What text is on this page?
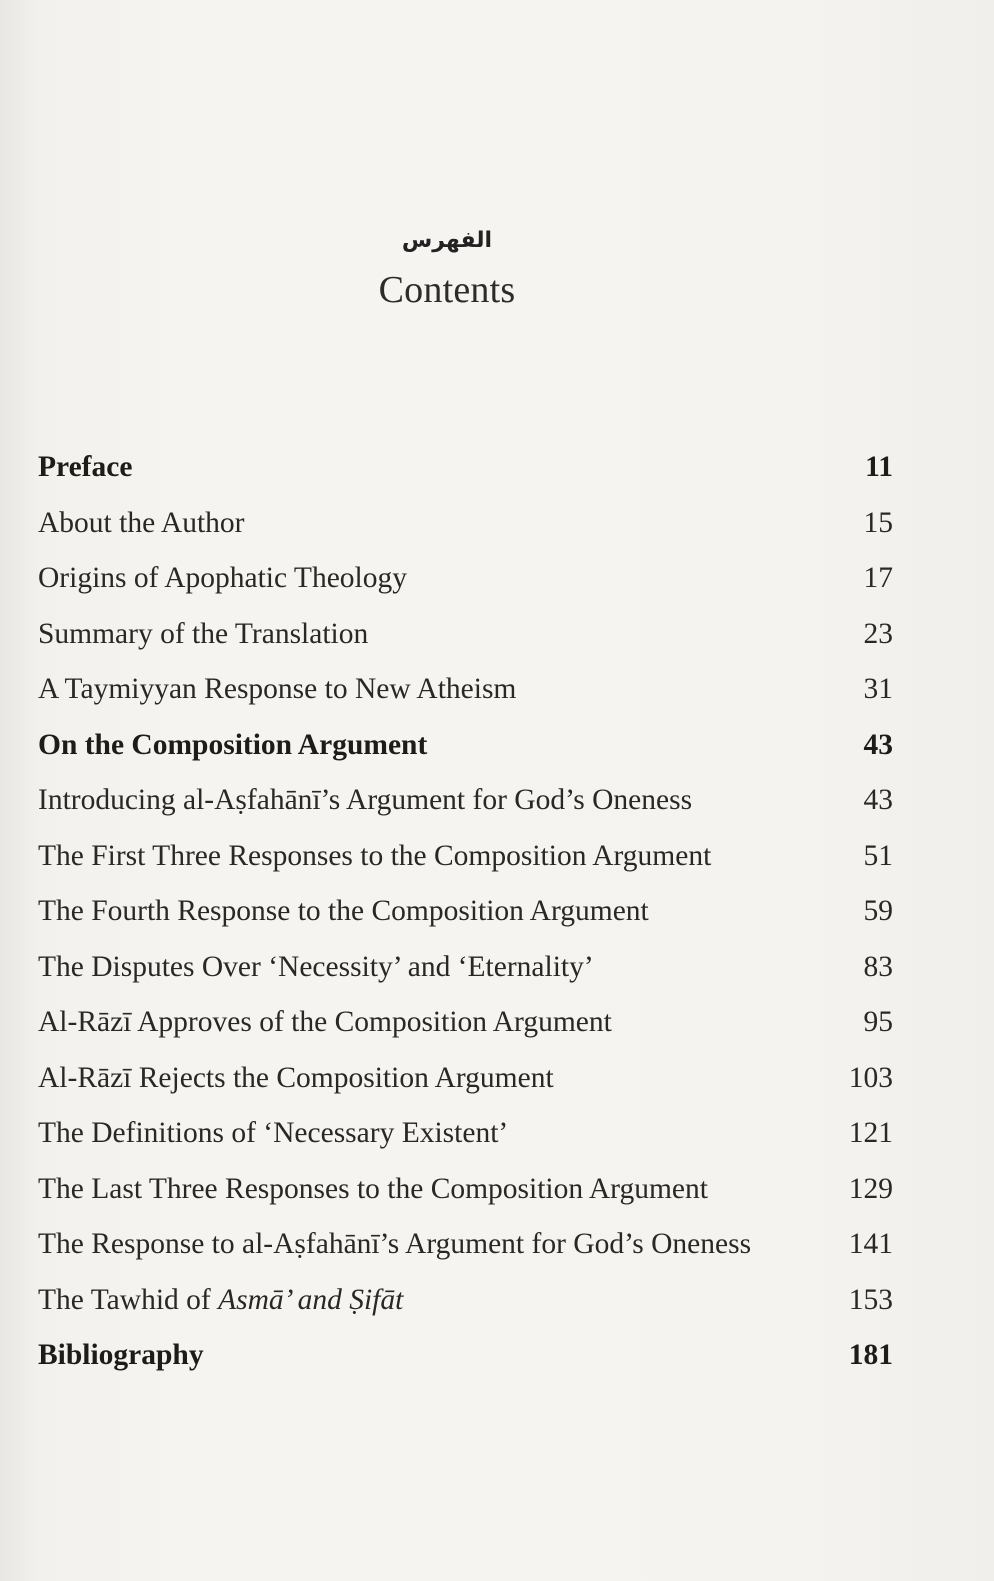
الفهرس
Contents
Preface	11
About the Author	15
Origins of Apophatic Theology	17
Summary of the Translation	23
A Taymiyyan Response to New Atheism	31
On the Composition Argument	43
Introducing al-Aṣfahānī’s Argument for God’s Oneness	43
The First Three Responses to the Composition Argument	51
The Fourth Response to the Composition Argument	59
The Disputes Over ‘Necessity’ and ‘Eternality’	83
Al-Rāzī Approves of the Composition Argument	95
Al-Rāzī Rejects the Composition Argument	103
The Definitions of ‘Necessary Existent’	121
The Last Three Responses to the Composition Argument	129
The Response to al-Aṣfahānī’s Argument for God’s Oneness	141
The Tawhid of Asmā’ and Ṣifāt	153
Bibliography	181
